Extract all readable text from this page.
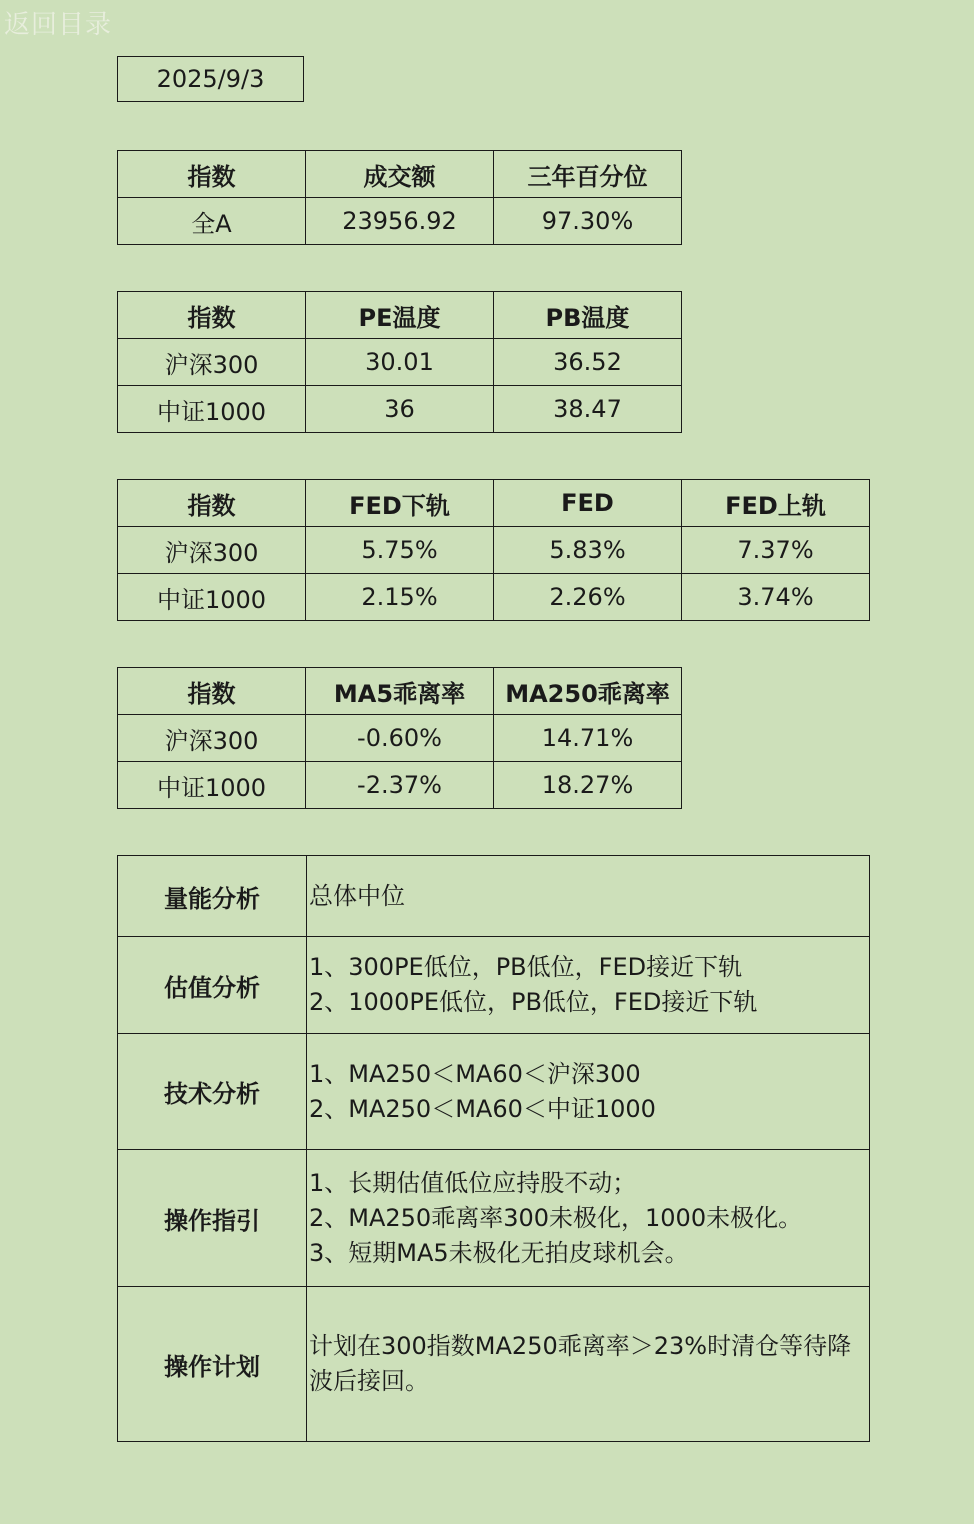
返回目录
2025/9/3
指数	成交额	三年百分位
全A	23956.92	97.30%
指数	PE温度	PB温度
沪深300	30.01	36.52
中证1000	36	38.47
指数	FED下轨	FED	FED上轨
沪深300	5.75%	5.83%	7.37%
中证1000	2.15%	2.26%	3.74%
指数	MA5乖离率	MA250乖离率
沪深300	-0.60%	14.71%
中证1000	-2.37%	18.27%
量能分析	总体中位

估值分析	1、300PE低位，PB低位，FED接近下轨
2、1000PE低位，PB低位，FED接近下轨

技术分析	1、MA250＜MA60＜沪深300
2、MA250＜MA60＜中证1000

操作指引	1、长期估值低位应持股不动；
2、MA250乖离率300未极化，1000未极化。
3、短期MA5未极化无拍皮球机会。

操作计划	计划在300指数MA250乖离率＞23%时清仓等待降
波后接回。
